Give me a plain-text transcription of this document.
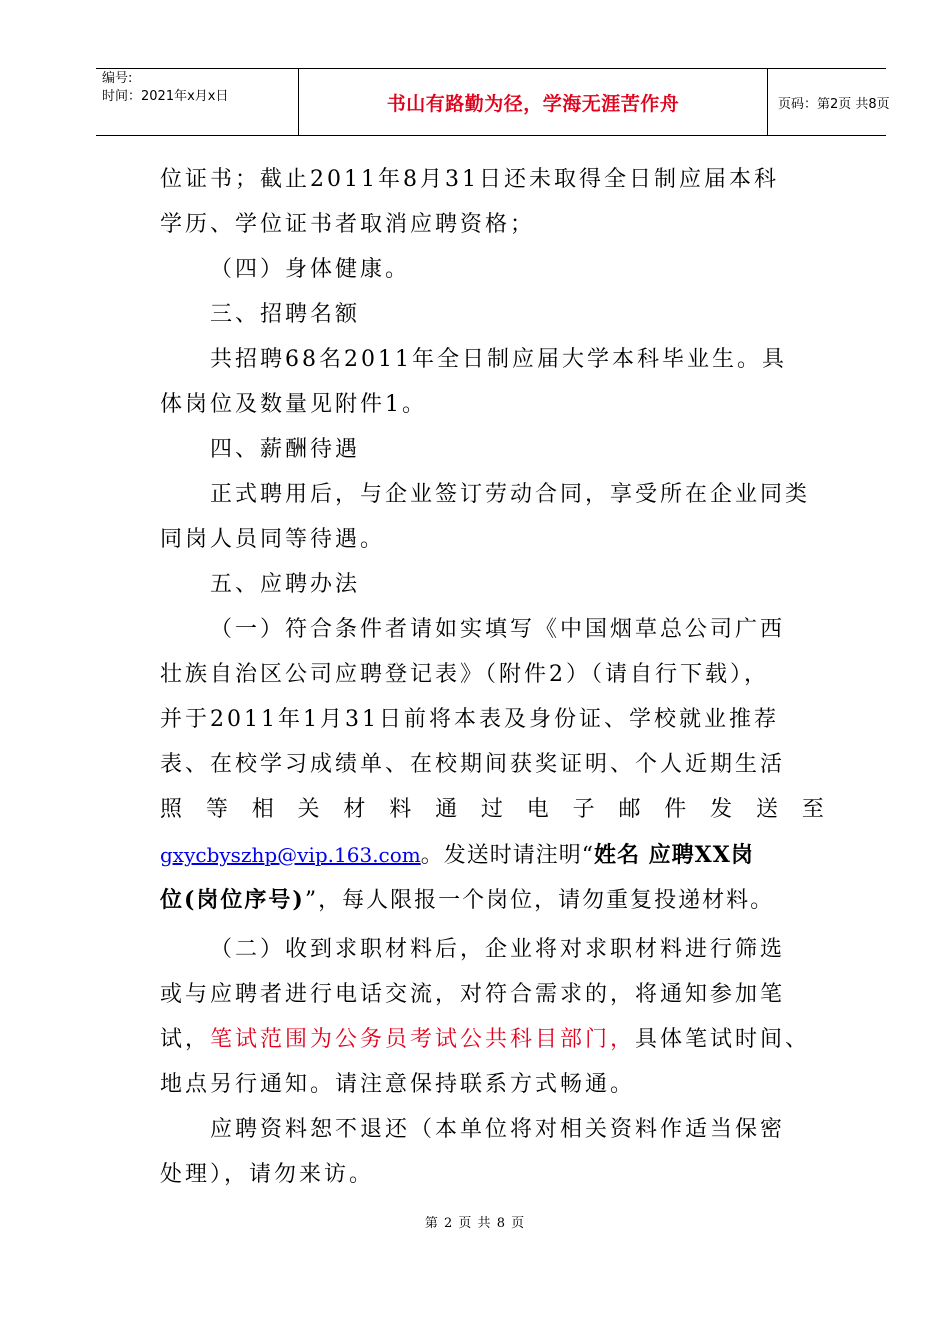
编号:
时间：2021年x月x日	书山有路勤为径，学海无涯苦作舟	页码：第2页 共8页
位证书；截止2011年8月31日还未取得全日制应届本科
学历、学位证书者取消应聘资格；
（四）身体健康。
三、招聘名额
共招聘68名2011年全日制应届大学本科毕业生。具
体岗位及数量见附件1。
四、薪酬待遇
正式聘用后，与企业签订劳动合同，享受所在企业同类
同岗人员同等待遇。
五、应聘办法
（一）符合条件者请如实填写《中国烟草总公司广西
壮族自治区公司应聘登记表》（附件2）（请自行下载），
并于2011年1月31日前将本表及身份证、学校就业推荐
表、在校学习成绩单、在校期间获奖证明、个人近期生活
照 等 相 关 材 料 通 过 电 子 邮 件 发 送 至
gxycbyszhp@vip.163.com。发送时请注明“姓名 应聘XX岗
位(岗位序号)”，每人限报一个岗位，请勿重复投递材料。
（二）收到求职材料后，企业将对求职材料进行筛选
或与应聘者进行电话交流，对符合需求的，将通知参加笔
试，笔试范围为公务员考试公共科目部门，具体笔试时间、
地点另行通知。请注意保持联系方式畅通。
应聘资料恕不退还（本单位将对相关资料作适当保密
处理），请勿来访。
第 2 页 共 8 页
